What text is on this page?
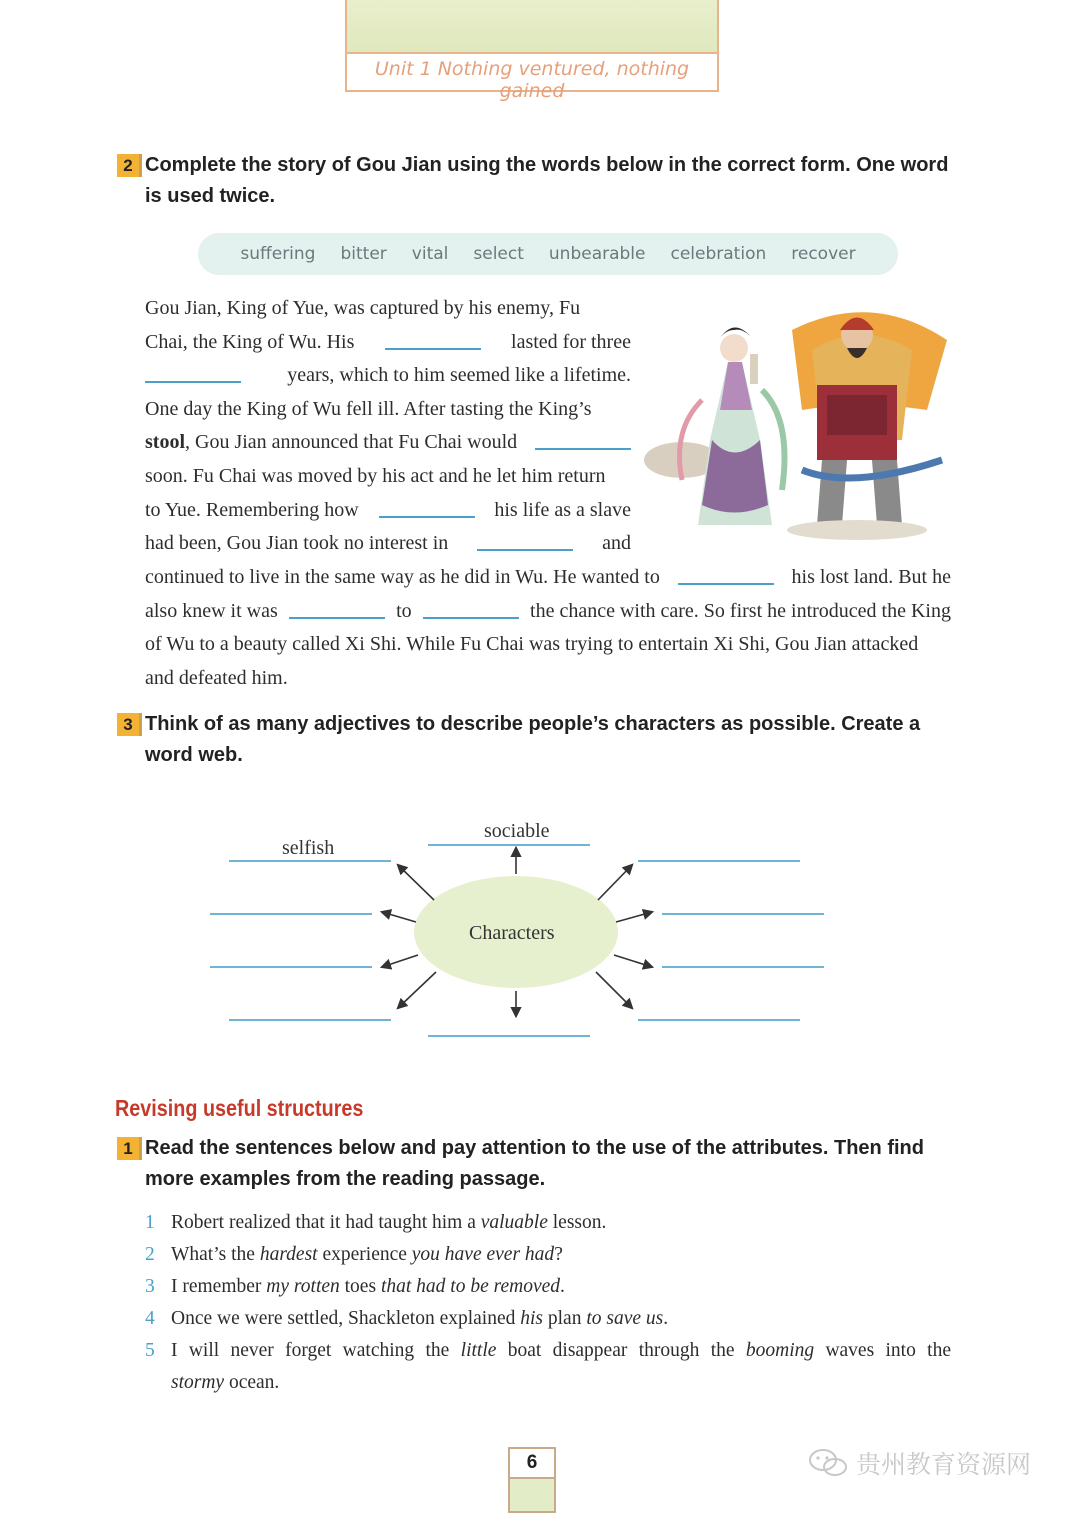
Unit 1 Nothing ventured, nothing gained
2 Complete the story of Gou Jian using the words below in the correct form. One word is used twice.
suffering bitter vital select unbearable celebration recover
Gou Jian, King of Yue, was captured by his enemy, Fu
Chai, the King of Wu. His	lasted for three
years, which to him seemed like a lifetime.
One day the King of Wu fell ill. After tasting the King’s
stool, Gou Jian announced that Fu Chai would
soon. Fu Chai was moved by his act and he let him return
to Yue. Remembering how	his life as a slave
had been, Gou Jian took no interest in	and
continued to live in the same way as he did in Wu. He wanted to	his lost land. But he
also knew it was	to	the chance with care. So first he introduced the King
of Wu to a beauty called Xi Shi. While Fu Chai was trying to entertain Xi Shi, Gou Jian attacked
and defeated him.
3 Think of as many adjectives to describe people’s characters as possible. Create a word web.
Characters
sociable
selfish
Revising useful structures
1 Read the sentences below and pay attention to the use of the attributes. Then find more examples from the reading passage.
1 Robert realized that it had taught him a valuable lesson.
2 What’s the hardest experience you have ever had?
3 I remember my rotten toes that had to be removed.
4 Once we were settled, Shackleton explained his plan to save us.
5 I will never forget watching the little boat disappear through the booming waves into the
stormy ocean.
6	贵州教育资源网
